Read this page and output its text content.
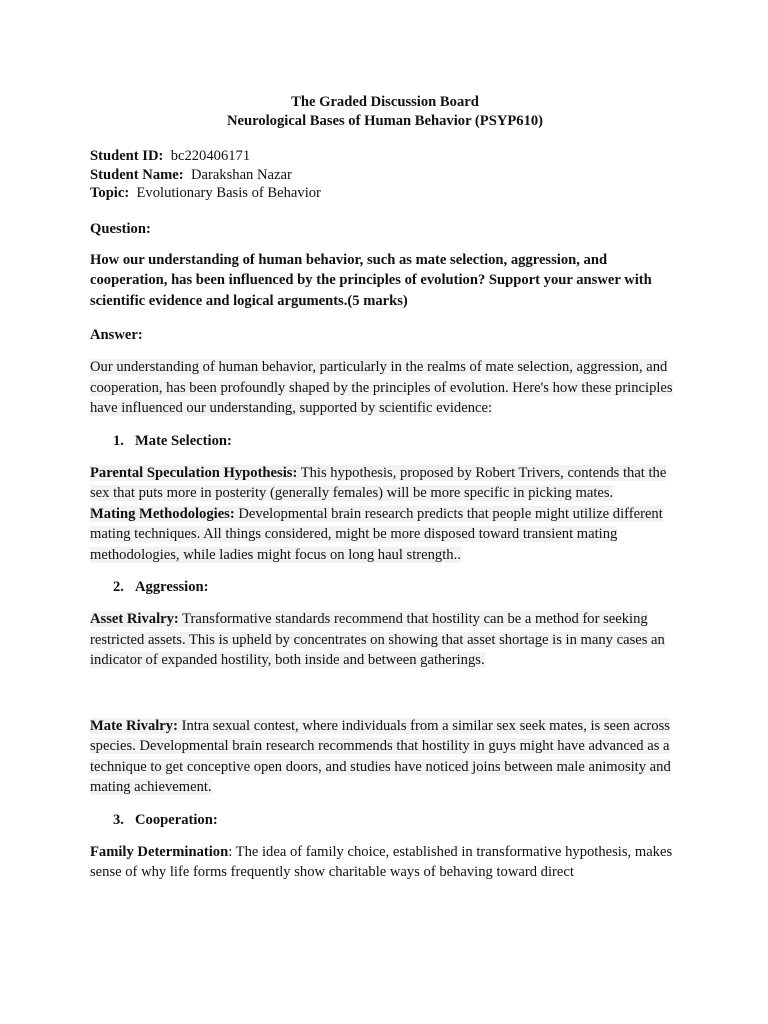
The Graded Discussion Board
Neurological Bases of Human Behavior (PSYP610)
Student ID: bc220406171
Student Name: Darakshan Nazar
Topic: Evolutionary Basis of Behavior
Question:
How our understanding of human behavior, such as mate selection, aggression, and cooperation, has been influenced by the principles of evolution? Support your answer with scientific evidence and logical arguments.(5 marks)
Answer:

Our understanding of human behavior, particularly in the realms of mate selection, aggression, and cooperation, has been profoundly shaped by the principles of evolution. Here's how these principles have influenced our understanding, supported by scientific evidence:

1. Mate Selection:

Parental Speculation Hypothesis: This hypothesis, proposed by Robert Trivers, contends that the sex that puts more in posterity (generally females) will be more specific in picking mates.
Mating Methodologies: Developmental brain research predicts that people might utilize different mating techniques. All things considered, might be more disposed toward transient mating methodologies, while ladies might focus on long haul strength..

2. Aggression:

Asset Rivalry: Transformative standards recommend that hostility can be a method for seeking restricted assets. This is upheld by concentrates on showing that asset shortage is in many cases an indicator of expanded hostility, both inside and between gatherings.

Mate Rivalry: Intra sexual contest, where individuals from a similar sex seek mates, is seen across species. Developmental brain research recommends that hostility in guys might have advanced as a technique to get conceptive open doors, and studies have noticed joins between male animosity and mating achievement.

3. Cooperation:

Family Determination: The idea of family choice, established in transformative hypothesis, makes sense of why life forms frequently show charitable ways of behaving toward direct
